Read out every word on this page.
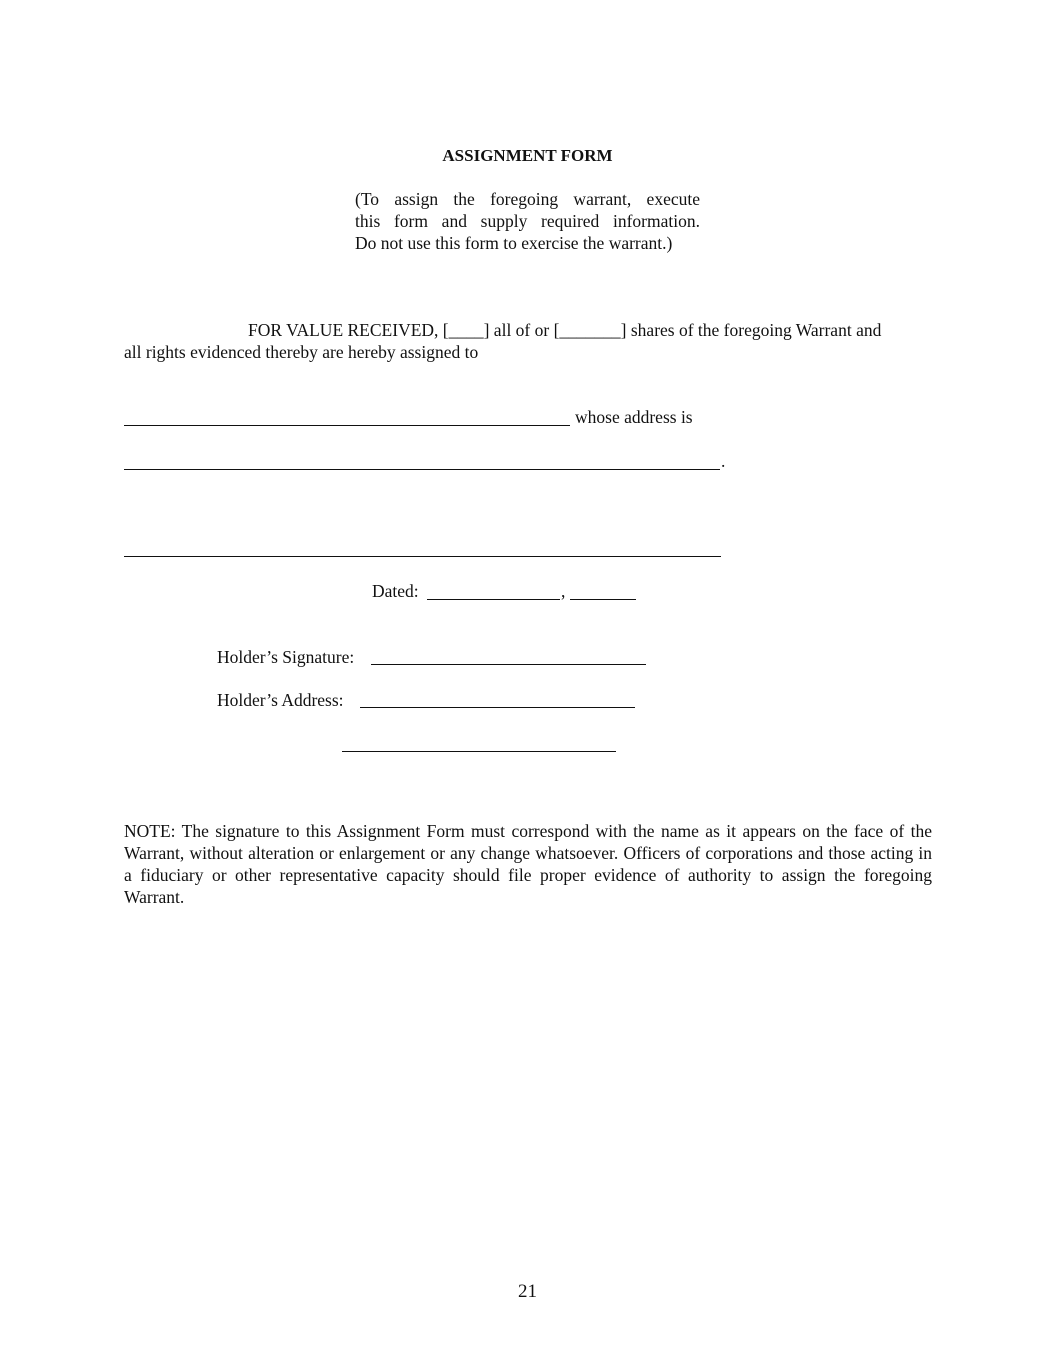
ASSIGNMENT FORM
(To assign the foregoing warrant, execute
this form and supply required information.
Do not use this form to exercise the warrant.)
FOR VALUE RECEIVED, [____] all of or [_______] shares of the foregoing Warrant and
all rights evidenced thereby are hereby assigned to
whose address is
.
Dated:	,
Holder’s Signature:
Holder’s Address:
NOTE: The signature to this Assignment Form must correspond with the name as it appears on the face of the Warrant, without alteration or enlargement or any change whatsoever. Officers of corporations and those acting in a fiduciary or other representative capacity should file proper evidence of authority to assign the foregoing Warrant.
21
